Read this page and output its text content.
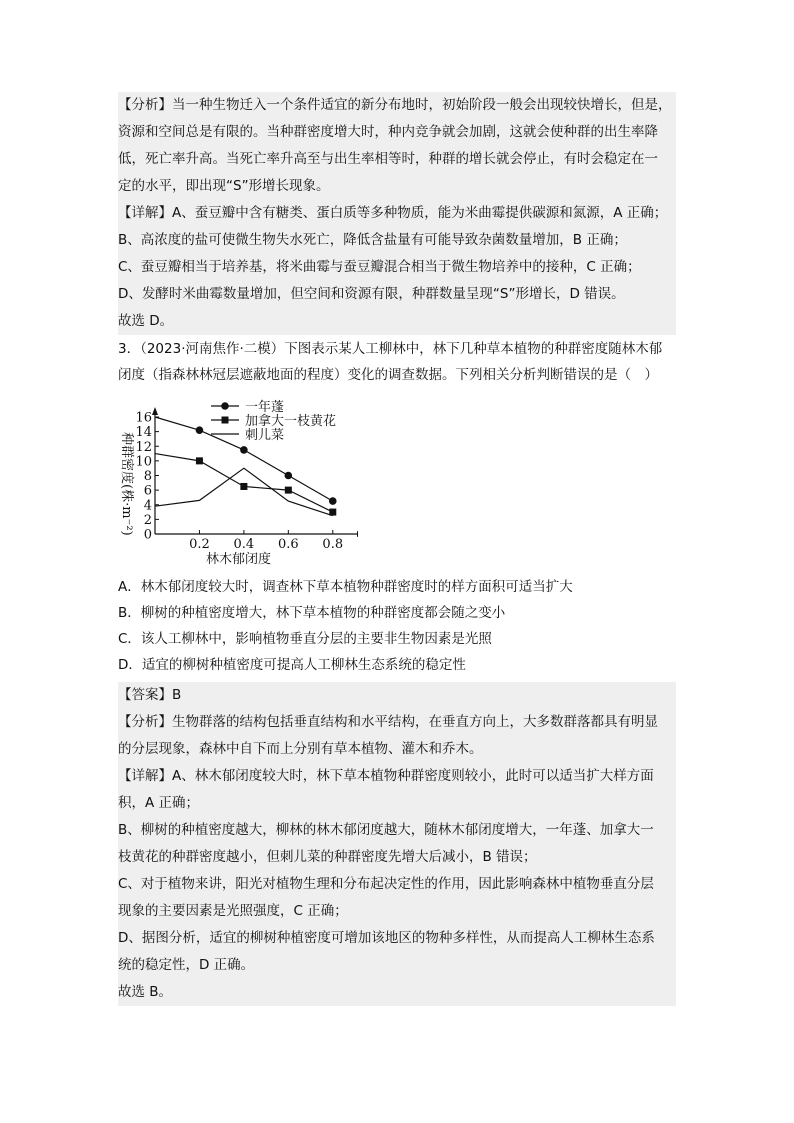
【分析】当一种生物迁入一个条件适宜的新分布地时，初始阶段一般会出现较快增长，但是，
资源和空间总是有限的。当种群密度增大时，种内竞争就会加剧，这就会使种群的出生率降
低，死亡率升高。当死亡率升高至与出生率相等时，种群的增长就会停止，有时会稳定在一
定的水平，即出现“S”形增长现象。
【详解】A、蚕豆瓣中含有糖类、蛋白质等多种物质，能为米曲霉提供碳源和氮源，A 正确；
B、高浓度的盐可使微生物失水死亡，降低含盐量有可能导致杂菌数量增加，B 正确；
C、蚕豆瓣相当于培养基，将米曲霉与蚕豆瓣混合相当于微生物培养中的接种，C 正确；
D、发酵时米曲霉数量增加，但空间和资源有限，种群数量呈现“S”形增长，D 错误。
故选 D。
3．（2023·河南焦作·二模）下图表示某人工柳林中，林下几种草本植物的种群密度随林木郁
闭度（指森林林冠层遮蔽地面的程度）变化的调查数据。下列相关分析判断错误的是（　）
0
2
4
6
8
10
12
14
16
0.2 0.4 0.6 0.8
一年蓬
加拿大一枝黄花
刺儿菜
种群密度(株·m⁻²)
林木郁闭度
A．林木郁闭度较大时，调查林下草本植物种群密度时的样方面积可适当扩大
B．柳树的种植密度增大，林下草本植物的种群密度都会随之变小
C．该人工柳林中，影响植物垂直分层的主要非生物因素是光照
D．适宜的柳树种植密度可提高人工柳林生态系统的稳定性
【答案】B
【分析】生物群落的结构包括垂直结构和水平结构，在垂直方向上，大多数群落都具有明显
的分层现象，森林中自下而上分别有草本植物、灌木和乔木。
【详解】A、林木郁闭度较大时，林下草本植物种群密度则较小，此时可以适当扩大样方面
积，A 正确；
B、柳树的种植密度越大，柳林的林木郁闭度越大，随林木郁闭度增大，一年蓬、加拿大一
枝黄花的种群密度越小，但刺儿菜的种群密度先增大后减小，B 错误；
C、对于植物来讲，阳光对植物生理和分布起决定性的作用，因此影响森林中植物垂直分层
现象的主要因素是光照强度，C 正确；
D、据图分析，适宜的柳树种植密度可增加该地区的物种多样性，从而提高人工柳林生态系
统的稳定性，D 正确。
故选 B。
